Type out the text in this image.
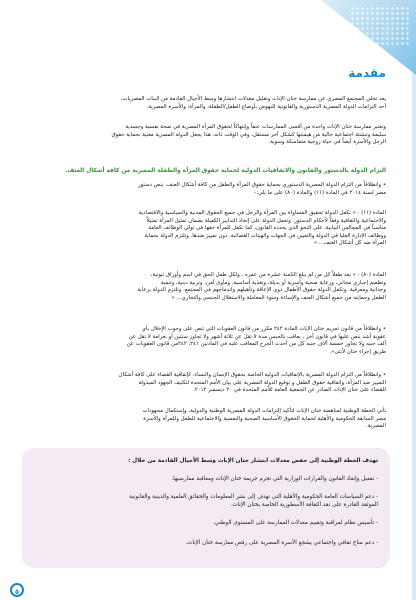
مقدمة
يعد تخلي المجتمع المصري عن ممارسة ختان الإناث وتقليل معدلات انتشارها وسط الأجيال القادمة من البنات المصريات،
أحد التزامات الدولة المصرية الدستورية والقانونية للنهوض بأوضاع الطفل/الطفلة، والمرأة، والأسرة المصرية.
وتعتبر ممارسة ختان الإناث واحدة من أقسى الممارسات عنفاً وإنتهاكاً لحقوق المرأة المصرية في صحة نفسية وجسدية
سليمة وتنشئة اجتماعية خالية من هيمنتها كشكل آخر مستقل، وفي الوقت ذاته، هذا يجعل الدولة المصرية معنية بحماية حقوق
الرجل والأسرة أيضاً في حياة زوجية متماسكة وسوية.
التزام الدولة بالدستور والقانون والاتفاقيات الدولية لحماية حقوق المرأة والطفلة المصرية من كافة أشكال العنف.
• وانطلاقاً من التزام الدولة المصرية الدستوري بحماية حقوق المرأة والطفل من كافة أشكال العنف، ينص دستور
مصر لسنة ٢٠١٤ في المادة (١١) والمادة (٨٠) على ما يلي:-
المادة (١١) : « تكفل الدولة تحقيق المساواة بين المرأة والرجل في جميع الحقوق المدنية والسياسية والاقتصادية
والاجتماعية والثقافية وفقاً لأحكام الدستور. وتعمل الدولة على إتخاذ التدابير الكفيلة بضمان تمثيل المرأة تمثيلاً
مناسباً في المجالس النيابية، على النحو الذي يحدده القانون، كما تكفل للمرأة حقها في تولي الوظائف العامة
ووظائف الإدارة العليا في الدولة والتعيين في الجهات والهيئات القضائية، دون تمييز ضدها. وتلتزم الدولة بحماية
المرأة ضد كل أشكال العنف... »
المادة (٨٠) : « يعد طفلاً كل من لم يبلغ الثامنة عشرة من عمره ، ولكل طفل الحق في اسم وأوراق ثبوتية،
وتطعيم إجباري مجاني، ورعاية صحية وأسرية أو بديلة، وتغذية أساسية، ومأوى آمن، وتربية دينية، وتنمية
وجدانية ومعرفية. وتكفل الدولة حقوق الأطفال ذوي الإعاقة وتأهيلهم واندماجهم في المجتمع. وتلتزم الدولة برعاية
الطفل وحمايته من جميع أشكال العنف والإساءة وسوء المعاملة والاستغلال الجنسي والتجاري... »
• وانطلاقاً من قانون تجريم ختان الإناث المادة ٢٤٢ مكرر من قانون العقوبات التي تنص على وجوب الإخلال بأي
عقوبة أشد ينص عليها في قانون آخر ، يعاقب بالحبس مدة لا تقل عن ثلاثة أشهر ولا تجاوز سنتين أو بغرامة لا تقل عن
ألف جنيه ولا تجاوز خمسة آلاف جنيه كل من أحدث الجرح المعاقب عليه في المادتين ٢٤١، ٢٤٢من قانون العقوبات عن
طريق إجراء ختان لأنثى».
• وانطلاقاً من التزام الدولة المصرية بالإتفاقيات الدولية الخاصة بحقوق الإنسان والنساء، كإتفاقية القضاء على كافة أشكال
التمييز ضد المرأة، واتفاقية حقوق الطفل و توقيع الدولة المصرية على بيان الأمم المتحدة لتكثيف الجهود المبذولة
للقضاء على ختان الإناث الصادر عن الجمعية العامة للأمم المتحدة في ٢٠ ديسمبر ٢٠١٢.
تأتي الخطة الوطنية لمناهضة ختان الإناث لتأكيد إلتزامات الدولة المصرية الوطنية والدولية، وإستكمال مجهودات
مصر السابقة الحكومية والأهلية لحماية الحقوق الأساسية الصحية والنفسية والاجتماعية للطفل وللمرأة والأسرة
المصرية.
تهدف الخطة الوطنية إلى خفض معدلات انتشار ختان الإناث وسط الأجيال القادمة من خلال :
- تفعيل وإنفاذ القانون والقرارات الوزارية التي تجرم جريمة ختان الإناث ومعاقبة ممارسيها.
- دعم السياسات العامة الحكومية والأهلية التي تهدف إلى نشر المعلومات والحقائق العلمية والدينية والقانونية
الموثقة القادرة على نقد الثقافة الأسطورية الخاصة بختان الإناث.
- تأسيس نظام لمراقبة وتقييم معدلات الممارسة على المستوى الوطني.
- دعم مناخ ثقافي واجتماعي يشجع الأسرة المصرية على رفض ممارسة ختان الإناث.
٥
